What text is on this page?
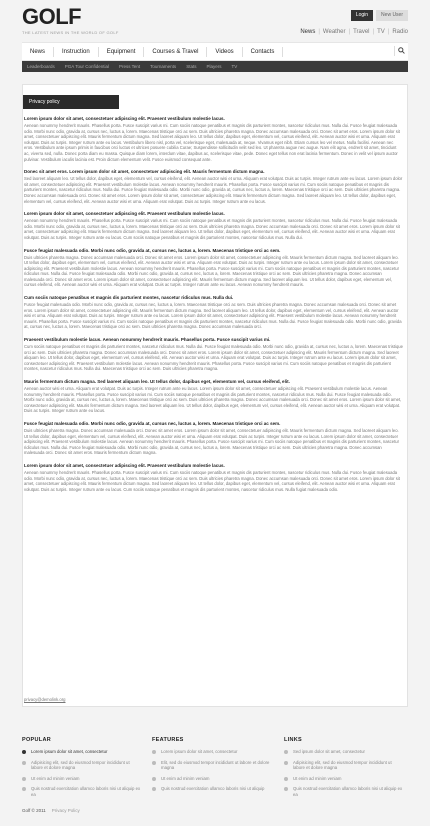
GOLF
THE LATEST NEWS IN THE WORLD OF GOLF
Login	New User
News | Weather | Travel | TV | Radio
News	Instruction	Equipment	Courses & Travel	Videos	Contacts
Leaderboards	PGA Tour Confidential	Press Tent	Tournaments	Stats	Players	TV
Privacy policy
Lorem ipsum dolor sit amet, consectetuer adipiscing elit. Praesent vestibulum molestie lacus.

Aenean nonummy hendrerit mauris. Phasellus porta. Fusce suscipit varius mi. Cum sociis natoque penatibus et magnis dis parturient montes, nascetur ridiculus mus. Nulla dui. Fusce feugiat malesuada odio. Morbi nunc odio, gravida at, cursus nec, luctus a, lorem. Maecenas tristique orci ac sem. Duis ultricies pharetra magna. Donec accumsan malesuada orci. Donec sit amet eros. Lorem ipsum dolor sit amet, consectetuer adipiscing elit. Mauris fermentum dictum magna. Sed laoreet aliquam leo. Ut tellus dolor, dapibus eget, elementum vel, cursus eleifend, elit. Aenean auctor wisi et urna. Aliquam erat volutpat. Duis ac turpis. Integer rutrum ante eu lacus. Vestibulum libero nisl, porta vel, scelerisque eget, malesuada at, neque. Vivamus eget nibh. Etiam cursus leo vel metus. Nulla facilisi. Aenean nec eros. Vestibulum ante ipsum primis in faucibus orci luctus et ultrices posuere cubilia Curae; Suspendisse sollicitudin velit sed leo. Ut pharetra augue nec augue. Nam elit agna, endrerit sit amet, tincidunt ac, viverra sed, nulla. Donec porta diam eu massa. Quisque diam lorem, interdum vitae, dapibus ac, scelerisque vitae, pede. Donec eget tellus non erat lacinia fermentum. Donec in velit vel ipsum auctor pulvinar. Vestibulum iaculis lacinia est. Proin dictum elementum velit. Fusce euismod consequat ante.

Donec sit amet eros. Lorem ipsum dolor sit amet, consectetuer adipiscing elit. Mauris fermentum dictum magna.

Sed laoreet aliquam leo. Ut tellus dolor, dapibus eget, elementum vel, cursus eleifend, elit. Aenean auctor wisi et urna. Aliquam erat volutpat. Duis ac turpis. Integer rutrum ante eu lacus. Lorem ipsum dolor sit amet, consectetuer adipiscing elit. Praesent vestibulum molestie lacus. Aenean nonummy hendrerit mauris. Phasellus porta. Fusce suscipit varius mi. Cum sociis natoque penatibus et magnis dis parturient montes, nascetur ridiculus mus. Nulla dui. Fusce feugiat malesuada odio. Morbi nunc odio, gravida at, cursus nec, luctus a, lorem. Maecenas tristique orci ac sem. Duis ultricies pharetra magna. Donec accumsan malesuada orci. Donec sit amet eros. Lorem ipsum dolor sit amet, consectetuer adipiscing elit. Mauris fermentum dictum magna. Sed laoreet aliquam leo. Ut tellus dolor, dapibus eget, elementum vel, cursus eleifend, elit. Aenean auctor wisi et urna. Aliquam erat volutpat. Duis ac turpis. Integer rutrum ante eu lacus.

Lorem ipsum dolor sit amet, consectetuer adipiscing elit. Praesent vestibulum molestie lacus.

Aenean nonummy hendrerit mauris. Phasellus porta. Fusce suscipit varius mi. Cum sociis natoque penatibus et magnis dis parturient montes, nascetur ridiculus mus. Nulla dui. Fusce feugiat malesuada odio. Morbi nunc odio, gravida at, cursus nec, luctus a, lorem. Maecenas tristique orci ac sem. Duis ultricies pharetra magna. Donec accumsan malesuada orci. Donec sit amet eros. Lorem ipsum dolor sit amet, consectetuer adipiscing elit. Mauris fermentum dictum magna. Sed laoreet aliquam leo. Ut tellus dolor, dapibus eget, elementum vel, cursus eleifend, elit. Aenean auctor wisi et urna. Aliquam erat volutpat. Duis ac turpis. Integer rutrum ante eu lacus. Cum sociis natoque penatibus et magnis dis parturient montes, nascetur ridiculus mus. Nulla dui.

Fusce feugiat malesuada odio. Morbi nunc odio, gravida at, cursus nec, luctus a, lorem. Maecenas tristique orci ac sem.

Duis ultricies pharetra magna. Donec accumsan malesuada orci. Donec sit amet eros. Lorem ipsum dolor sit amet, consectetuer adipiscing elit. Mauris fermentum dictum magna. Sed laoreet aliquam leo. Ut tellus dolor, dapibus eget, elementum vel, cursus eleifend, elit. Aenean auctor wisi et urna. Aliquam erat volutpat. Duis ac turpis. Integer rutrum ante eu lacus. Lorem ipsum dolor sit amet, consectetuer adipiscing elit. Praesent vestibulum molestie lacus. Aenean nonummy hendrerit mauris. Phasellus porta. Fusce suscipit varius mi. Cum sociis natoque penatibus et magnis dis parturient montes, nascetur ridiculus mus. Nulla dui. Fusce feugiat malesuada odio. Morbi nunc odio, gravida at, cursus nec, luctus a, lorem. Maecenas tristique orci ac sem. Duis ultricies pharetra magna. Donec accumsan malesuada orci. Donec sit amet eros. Lorem ipsum dolor sit amet, consectetuer adipiscing elit. Mauris fermentum dictum magna. Sed laoreet aliquam leo. Ut tellus dolor, dapibus eget, elementum vel, cursus eleifend, elit. Aenean auctor wisi et urna. Aliquam erat volutpat. Duis ac turpis. Integer rutrum ante eu lacus. Aenean nonummy hendrerit mauris.

Cum sociis natoque penatibus et magnis dis parturient montes, nascetur ridiculus mus. Nulla dui.

Fusce feugiat malesuada odio. Morbi nunc odio, gravida at, cursus nec, luctus a, lorem. Maecenas tristique orci ac sem. Duis ultricies pharetra magna. Donec accumsan malesuada orci. Donec sit amet eros. Lorem ipsum dolor sit amet, consectetuer adipiscing elit. Mauris fermentum dictum magna. Sed laoreet aliquam leo. Ut tellus dolor, dapibus eget, elementum vel, cursus eleifend, elit. Aenean auctor wisi et urna. Aliquam erat volutpat. Duis ac turpis. Integer rutrum ante eu lacus. Lorem ipsum dolor sit amet, consectetuer adipiscing elit. Praesent vestibulum molestie lacus. Aenean nonummy hendrerit mauris. Phasellus porta. Fusce suscipit varius mi. Cum sociis natoque penatibus et magnis dis parturient montes, nascetur ridiculus mus. Nulla dui. Fusce feugiat malesuada odio. Morbi nunc odio, gravida at, cursus nec, luctus a, lorem. Maecenas tristique orci ac sem. Duis ultricies pharetra magna. Donec accumsan malesuada orci.

Praesent vestibulum molestie lacus. Aenean nonummy hendrerit mauris. Phasellus porta. Fusce suscipit varius mi.

Cum sociis natoque penatibus et magnis dis parturient montes, nascetur ridiculus mus. Nulla dui. Fusce feugiat malesuada odio. Morbi nunc odio, gravida at, cursus nec, luctus a, lorem. Maecenas tristique orci ac sem. Duis ultricies pharetra magna. Donec accumsan malesuada orci. Donec sit amet eros. Lorem ipsum dolor sit amet, consectetuer adipiscing elit. Mauris fermentum dictum magna. Sed laoreet aliquam leo. Ut tellus dolor, dapibus eget, elementum vel, cursus eleifend, elit. Aenean auctor wisi et urna. Aliquam erat volutpat. Duis ac turpis. Integer rutrum ante eu lacus. Lorem ipsum dolor sit amet, consectetuer adipiscing elit. Praesent vestibulum molestie lacus. Aenean nonummy hendrerit mauris. Phasellus porta. Fusce suscipit varius mi. Cum sociis natoque penatibus et magnis dis parturient montes, nascetur ridiculus mus. Nulla dui. Maecenas tristique orci ac sem. Duis ultricies pharetra magna.

Mauris fermentum dictum magna. Sed laoreet aliquam leo. Ut tellus dolor, dapibus eget, elementum vel, cursus eleifend, elit.

Aenean auctor wisi et urna. Aliquam erat volutpat. Duis ac turpis. Integer rutrum ante eu lacus. Lorem ipsum dolor sit amet, consectetuer adipiscing elit. Praesent vestibulum molestie lacus. Aenean nonummy hendrerit mauris. Phasellus porta. Fusce suscipit varius mi. Cum sociis natoque penatibus et magnis dis parturient montes, nascetur ridiculus mus. Nulla dui. Fusce feugiat malesuada odio. Morbi nunc odio, gravida at, cursus nec, luctus a, lorem. Maecenas tristique orci ac sem. Duis ultricies pharetra magna. Donec accumsan malesuada orci. Donec sit amet eros. Lorem ipsum dolor sit amet, consectetuer adipiscing elit. Mauris fermentum dictum magna. Sed laoreet aliquam leo. Ut tellus dolor, dapibus eget, elementum vel, cursus eleifend, elit. Aenean auctor wisi et urna. Aliquam erat volutpat. Duis ac turpis. Integer rutrum ante eu lacus.

Fusce feugiat malesuada odio. Morbi nunc odio, gravida at, cursus nec, luctus a, lorem. Maecenas tristique orci ac sem.

Duis ultricies pharetra magna. Donec accumsan malesuada orci. Donec sit amet eros. Lorem ipsum dolor sit amet, consectetuer adipiscing elit. Mauris fermentum dictum magna. Sed laoreet aliquam leo. Ut tellus dolor, dapibus eget, elementum vel, cursus eleifend, elit. Aenean auctor wisi et urna. Aliquam erat volutpat. Duis ac turpis. Integer rutrum ante eu lacus. Lorem ipsum dolor sit amet, consectetuer adipiscing elit. Praesent vestibulum molestie lacus. Aenean nonummy hendrerit mauris. Phasellus porta. Fusce suscipit varius mi. Cum sociis natoque penatibus et magnis dis parturient montes, nascetur ridiculus mus. Nulla dui. Fusce feugiat malesuada odio. Morbi nunc odio, gravida at, cursus nec, luctus a, lorem. Maecenas tristique orci ac sem. Duis ultricies pharetra magna. Donec accumsan malesuada orci. Donec sit amet eros. Mauris fermentum dictum magna.

Lorem ipsum dolor sit amet, consectetuer adipiscing elit. Praesent vestibulum molestie lacus.

Aenean nonummy hendrerit mauris. Phasellus porta. Fusce suscipit varius mi. Cum sociis natoque penatibus et magnis dis parturient montes, nascetur ridiculus mus. Nulla dui. Fusce feugiat malesuada odio. Morbi nunc odio, gravida at, cursus nec, luctus a, lorem. Maecenas tristique orci ac sem. Duis ultricies pharetra magna. Donec accumsan malesuada orci. Donec sit amet eros. Lorem ipsum dolor sit amet, consectetuer adipiscing elit. Mauris fermentum dictum magna. Sed laoreet aliquam leo. Ut tellus dolor, dapibus eget, elementum vel, cursus eleifend, elit. Aenean auctor wisi et urna. Aliquam erat volutpat. Duis ac turpis. Integer rutrum ante eu lacus. Cum sociis natoque penatibus et magnis dis parturient montes, nascetur ridiculus mus. Nulla fugiat malesuada odio.

privacy@demolink.org
POPULAR
Lorem ipsum dolor sit amet, consectetur
Adipisicing elit, sed do eiusmod tempor incididunt ut labore et dolore magna
Ut enim ad minim veniam
Quis nostrud exercitation ullamco laboris nisi ut aliquip ex ea
FEATURES
Lorem ipsum dolor sit amet, consectetur
Elit, sed do eiusmod tempor incididunt ut labore et dolore magna
Ut enim ad minim veniam
Quis nostrud exercitation ullamco laboris nisi ut aliquip
LINKS
Sed ipsum dolor sit amet, consectetur
Adipisicing elit, sed do eiusmod tempor incididunt ut labore et dolore magna
Ut enim ad minim veniam
Quis nostrud exercitation ullamco laboris nisi ut aliquip ex ea
Golf © 2011 Privacy Policy
